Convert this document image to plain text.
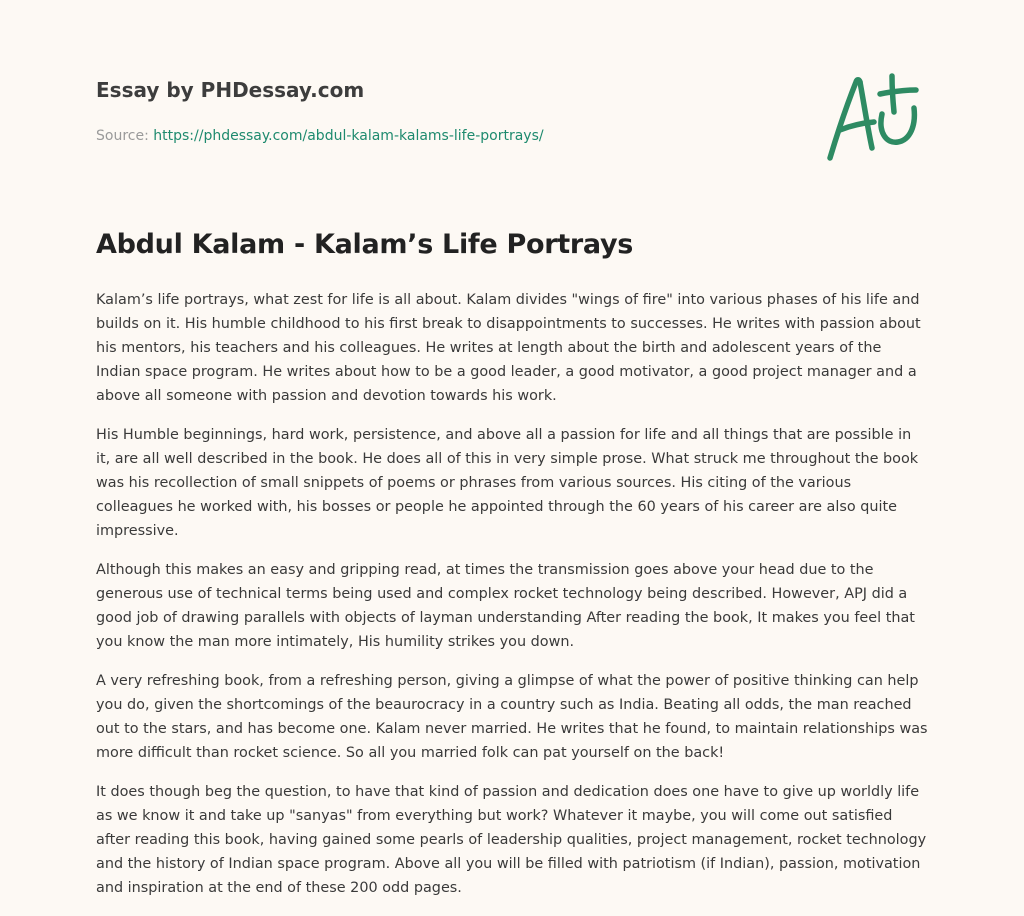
Essay by PHDessay.com
Source: https://phdessay.com/abdul-kalam-kalams-life-portrays/
Abdul Kalam - Kalam’s Life Portrays

Kalam’s life portrays, what zest for life is all about. Kalam divides "wings of fire" into various phases of his life and builds on it. His humble childhood to his first break to disappointments to successes. He writes with passion about his mentors, his teachers and his colleagues. He writes at length about the birth and adolescent years of the Indian space program. He writes about how to be a good leader, a good motivator, a good project manager and a above all someone with passion and devotion towards his work.

His Humble beginnings, hard work, persistence, and above all a passion for life and all things that are possible in it, are all well described in the book. He does all of this in very simple prose. What struck me throughout the book was his recollection of small snippets of poems or phrases from various sources. His citing of the various colleagues he worked with, his bosses or people he appointed through the 60 years of his career are also quite impressive.

Although this makes an easy and gripping read, at times the transmission goes above your head due to the generous use of technical terms being used and complex rocket technology being described. However, APJ did a good job of drawing parallels with objects of layman understanding After reading the book, It makes you feel that you know the man more intimately, His humility strikes you down.

A very refreshing book, from a refreshing person, giving a glimpse of what the power of positive thinking can help you do, given the shortcomings of the beaurocracy in a country such as India. Beating all odds, the man reached out to the stars, and has become one. Kalam never married. He writes that he found, to maintain relationships was more difficult than rocket science. So all you married folk can pat yourself on the back!

It does though beg the question, to have that kind of passion and dedication does one have to give up worldly life as we know it and take up "sanyas" from everything but work? Whatever it maybe, you will come out satisfied after reading this book, having gained some pearls of leadership qualities, project management, rocket technology and the history of Indian space program. Above all you will be filled with patriotism (if Indian), passion, motivation and inspiration at the end of these 200 odd pages.
